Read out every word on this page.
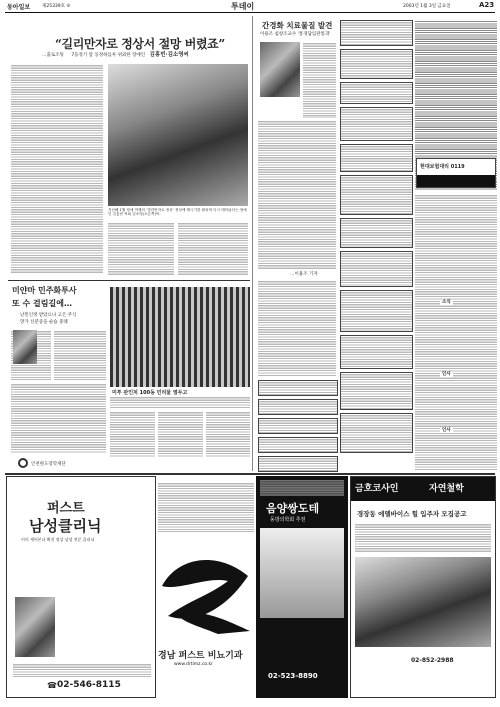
동아일보	제25339호 ⑥	투데이	2003년 1월 3일 금요일	A23
“길리만자로 정상서 절망 버렸죠”
…출로조팅 7등경기 암 동정하를루 위외한 장애인 김홍빈·김소영씨
지난해 1월 장애 여행의 ‘경리만자로 정상’ 정상에 태극기를 펼치며 다시 태어났다는 장애인 김홍빈 씨와 김소영(오른쪽)씨.
미얀마 민주화투사
또 수 걸림길에…
난민인정 받았으나 고은 주식
망가 신분증을 순습 중례
미투 판인처 100동 민리물 열두고
인천한도장학재단
간경화 치료물질 발견
이용조 침창조교수 '통경답임관통과'
…이용조 기자
현대보험대리 0119
소식
인사
인사
퍼스트
남성클리닉
이미 세어본다 확진 정상 남성 전문 클리닉
☎ 02-546-8115
경남 퍼스트 비뇨기과
www.drtimz.co.kr
음양쌍도테
동방의학회 추천
02-523-8890
금호코사인	자연철학
경장동 에델바이스 힐 입주자 모집공고
02-852-2988
